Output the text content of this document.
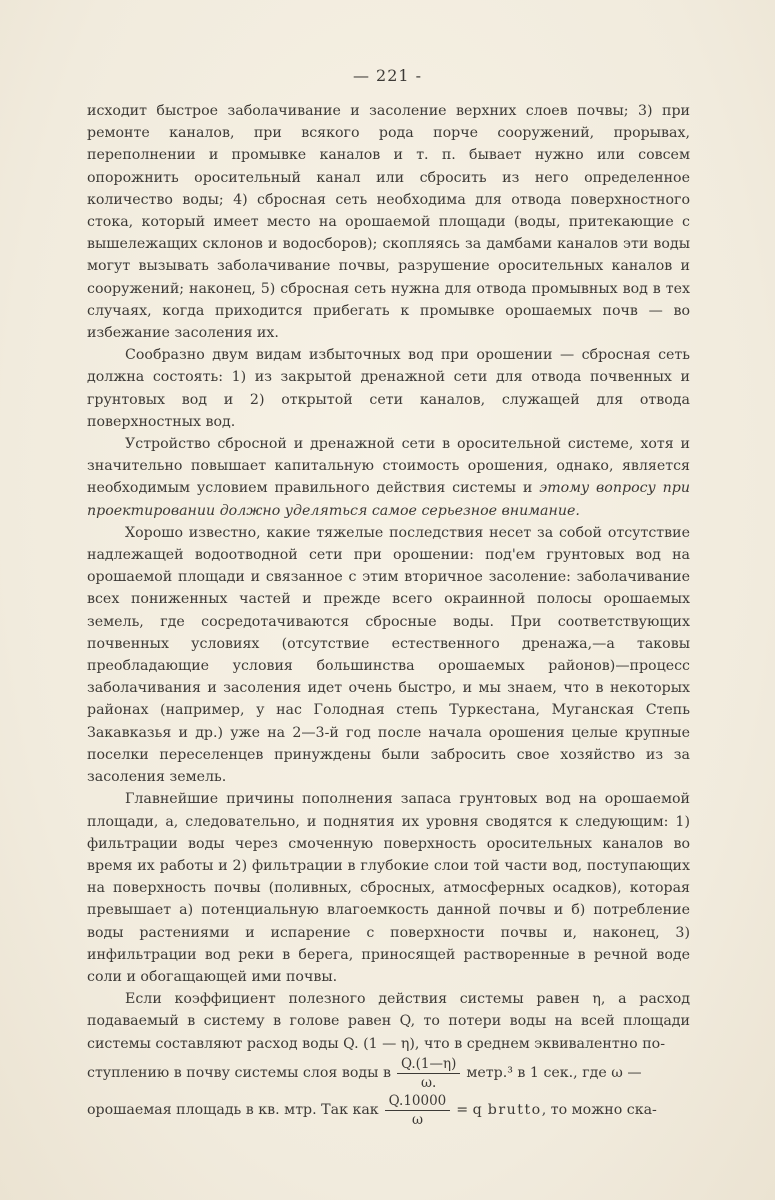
— 221 -

исходит быстрое заболачивание и засоление верхних слоев почвы; 3) при ремонте каналов, при всякого рода порче сооружений, прорывах, переполнении и промывке каналов и т. п. бывает нужно или совсем опорожнить оросительный канал или сбросить из него определенное количество воды; 4) сбросная сеть необходима для отвода поверхностного стока, который имеет место на орошаемой площади (воды, притекающие с вышележащих склонов и водосборов); скопляясь за дамбами каналов эти воды могут вызывать заболачивание почвы, разрушение оросительных каналов и сооружений; наконец, 5) сбросная сеть нужна для отвода промывных вод в тех случаях, когда приходится прибегать к промывке орошаемых почв — во избежание засоления их.

Сообразно двум видам избыточных вод при орошении — сбросная сеть должна состоять: 1) из закрытой дренажной сети для отвода почвенных и грунтовых вод и 2) открытой сети каналов, служащей для отвода поверхностных вод.

Устройство сбросной и дренажной сети в оросительной системе, хотя и значительно повышает капитальную стоимость орошения, однако, является необходимым условием правильного действия системы и этому вопросу при проектировании должно уделяться самое серьезное внимание.

Хорошо известно, какие тяжелые последствия несет за собой отсутствие надлежащей водоотводной сети при орошении: под'ем грунтовых вод на орошаемой площади и связанное с этим вторичное засоление: заболачивание всех пониженных частей и прежде всего окраинной полосы орошаемых земель, где сосредотачиваются сбросные воды. При соответствующих почвенных условиях (отсутствие естественного дренажа,—а таковы преобладающие условия большинства орошаемых районов)—процесс заболачивания и засоления идет очень быстро, и мы знаем, что в некоторых районах (например, у нас Голодная степь Туркестана, Муганская Степь Закавказья и др.) уже на 2—3-й год после начала орошения целые крупные поселки переселенцев принуждены были забросить свое хозяйство из за засоления земель.

Главнейшие причины пополнения запаса грунтовых вод на орошаемой площади, а, следовательно, и поднятия их уровня сводятся к следующим: 1) фильтрации воды через смоченную поверхность оросительных каналов во время их работы и 2) фильтрации в глубокие слои той части вод, поступающих на поверхность почвы (поливных, сбросных, атмосферных осадков), которая превышает а) потенциальную влагоемкость данной почвы и б) потребление воды растениями и испарение с поверхности почвы и, наконец, 3) инфильтрации вод реки в берега, приносящей растворенные в речной воде соли и обогащающей ими почвы.

Если коэффициент полезного действия системы равен η, а расход подаваемый в систему в голове равен Q, то потери воды на всей площади системы составляют расход воды Q. (1 — η), что в среднем эквивалентно по-

ступлению в почву системы слоя воды в $\frac{Q.(1—\eta)}{\omega.}$ метр.³ в 1 сек., где ω —
орошаемая площадь в кв. мтр. Так как $\frac{Q.10000}{\omega} = q$ brutto , то можно ска-
